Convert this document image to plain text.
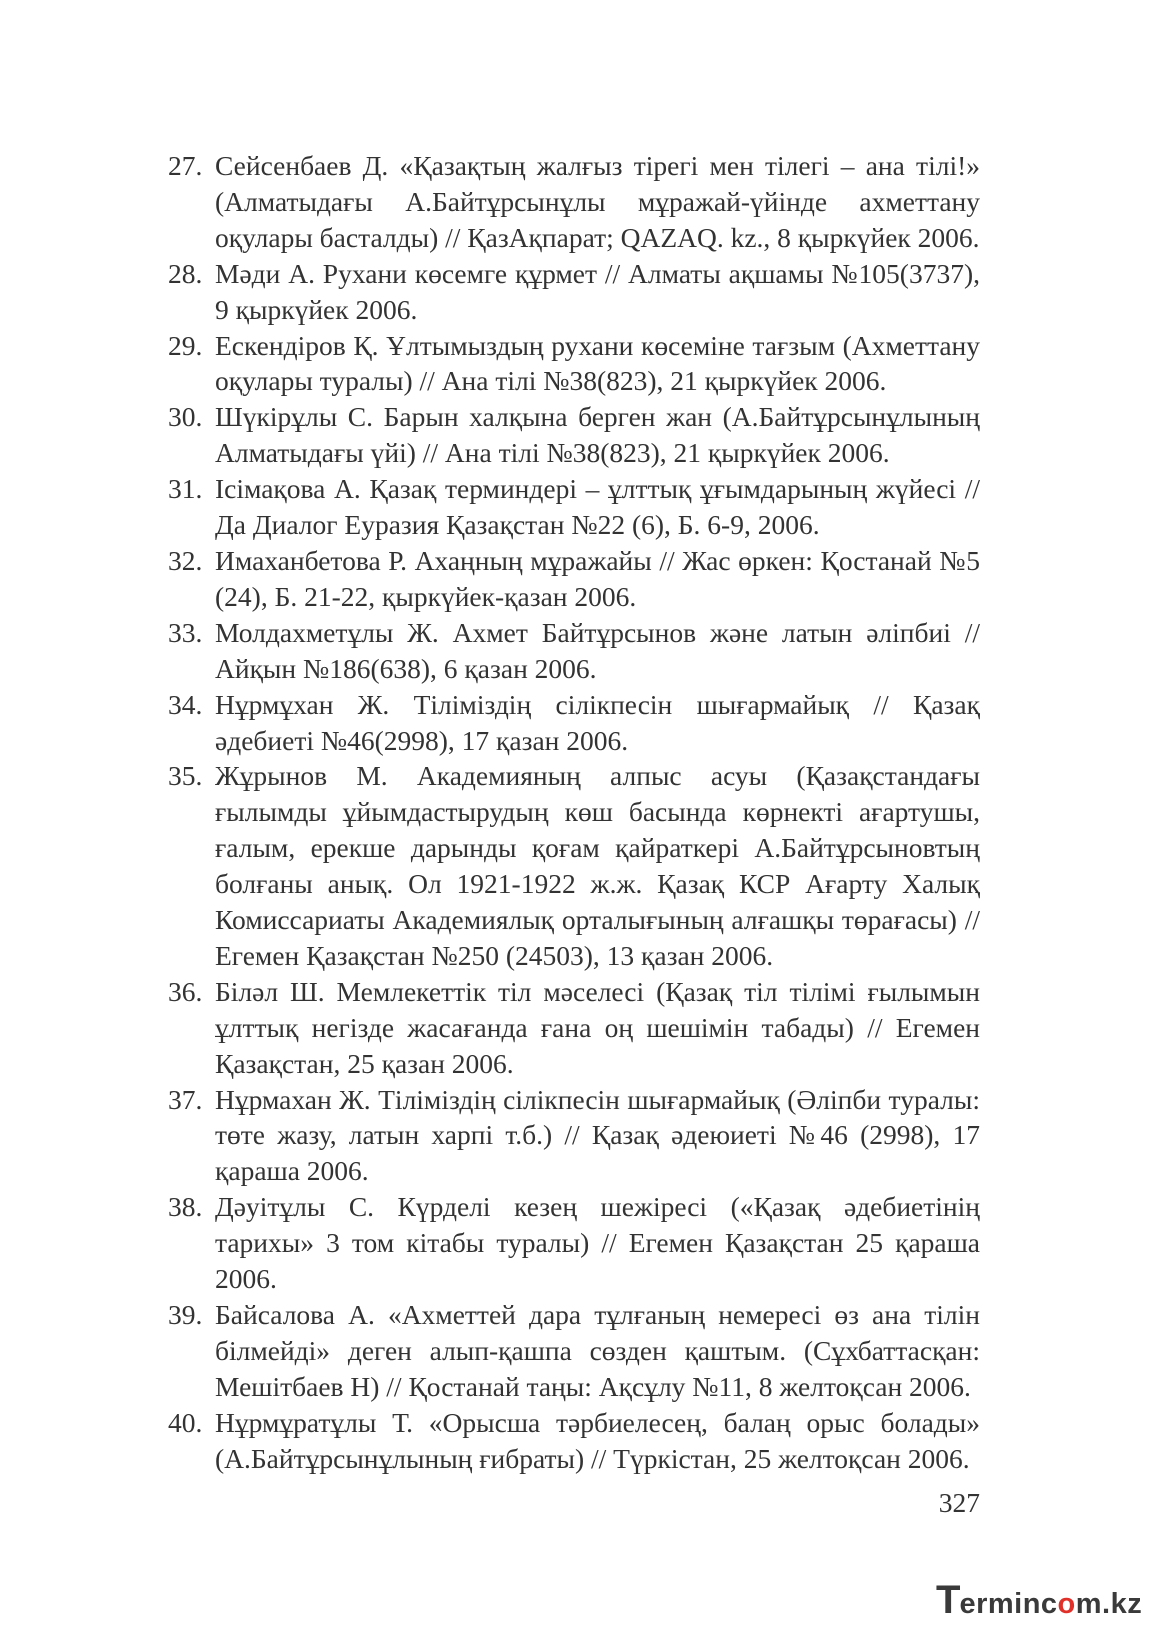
27. Сейсенбаев Д. «Қазақтың жалғыз тірегі мен тілегі – ана тілі!» (Алматыдағы А.Байтұрсынұлы мұражай-үйінде ахметтану оқулары басталды) // ҚазАқпарат; QAZAQ. kz., 8 қыркүйек 2006.
28. Мәди А. Рухани көсемге құрмет // Алматы ақшамы №105(3737), 9 қыркүйек 2006.
29. Ескендіров Қ. Ұлтымыздың рухани көсеміне тағзым (Ахметтану оқулары туралы) // Ана тілі №38(823), 21 қыркүйек 2006.
30. Шүкірұлы С. Барын халқына берген жан (А.Байтұрсынұлының Алматыдағы үйі) // Ана тілі №38(823), 21 қыркүйек 2006.
31. Ісімақова А. Қазақ терминдері – ұлттық ұғымдарының жүйесі // Да Диалог Еуразия Қазақстан №22 (6), Б. 6-9, 2006.
32. Имаханбетова Р. Ахаңның мұражайы // Жас өркен: Қостанай №5 (24), Б. 21-22, қыркүйек-қазан 2006.
33. Молдахметұлы Ж. Ахмет Байтұрсынов және латын әліпбиі // Айқын №186(638), 6 қазан 2006.
34. Нұрмұхан Ж. Тіліміздің сілікпесін шығармайық // Қазақ әдебиеті №46(2998), 17 қазан 2006.
35. Жұрынов М. Академияның алпыс асуы (Қазақстандағы ғылымды ұйымдастырудың көш басында көрнекті ағартушы, ғалым, ерекше дарынды қоғам қайраткері А.Байтұрсыновтың болғаны анық. Ол 1921-1922 ж.ж. Қазақ КСР Ағарту Халық Комиссариаты Академиялық орталығының алғашқы төрағасы) // Егемен Қазақстан №250 (24503), 13 қазан 2006.
36. Біләл Ш. Мемлекеттік тіл мәселесі (Қазақ тіл тілімі ғылымын ұлттық негізде жасағанда ғана оң шешімін табады) // Егемен Қазақстан, 25 қазан 2006.
37. Нұрмахан Ж. Тіліміздің сілікпесін шығармайық (Әліпби туралы: төте жазу, латын харпі т.б.) // Қазақ әдеюиеті №46 (2998), 17 қараша 2006.
38. Дәуітұлы С. Күрделі кезең шежіресі («Қазақ әдебиетінің тарихы» 3 том кітабы туралы) // Егемен Қазақстан 25 қараша 2006.
39. Байсалова А. «Ахметтей дара тұлғаның немересі өз ана тілін білмейді» деген алып-қашпа сөзден қаштым. (Сұхбаттасқан: Мешітбаев Н) // Қостанай таңы: Ақсұлу №11, 8 желтоқсан 2006.
40. Нұрмұратұлы Т. «Орысша тәрбиелесең, балаң орыс болады» (А.Байтұрсынұлының ғибраты) // Түркістан, 25 желтоқсан 2006.
327
T erminc o m.kz
